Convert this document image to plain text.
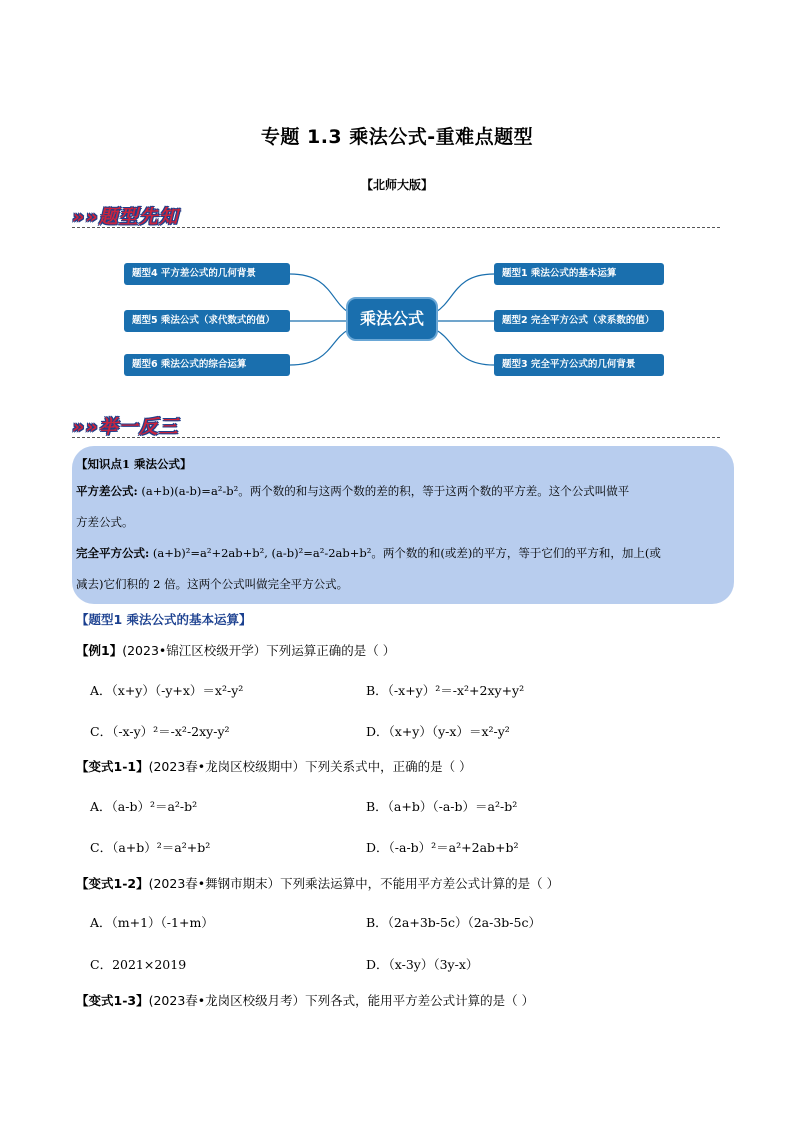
专题 1.3 乘法公式-重难点题型
【北师大版】
»»题型先知
题型4 平方差公式的几何背景
题型5 乘法公式（求代数式的值）
题型6 乘法公式的综合运算
乘法公式
题型1 乘法公式的基本运算
题型2 完全平方公式（求系数的值）
题型3 完全平方公式的几何背景
»»举一反三
【知识点1 乘法公式】
平方差公式: (a+b)(a-b)=a²-b²。两个数的和与这两个数的差的积，等于这两个数的平方差。这个公式叫做平
方差公式。
完全平方公式: (a+b)²=a²+2ab+b², (a-b)²=a²-2ab+b²。两个数的和(或差)的平方，等于它们的平方和，加上(或
减去)它们积的 2 倍。这两个公式叫做完全平方公式。
【题型1 乘法公式的基本运算】
【例1】(2023•锦江区校级开学）下列运算正确的是（ ）
A．（x+y）（-y+x）＝x²-y²	B．（-x+y）²＝-x²+2xy+y²
C．（-x-y）²＝-x²-2xy-y²	D．（x+y）（y-x）＝x²-y²
【变式1-1】(2023春•龙岗区校级期中）下列关系式中，正确的是（ ）
A．（a-b）²＝a²-b²	B．（a+b）（-a-b）＝a²-b²
C．（a+b）²＝a²+b²	D．（-a-b）²＝a²+2ab+b²
【变式1-2】(2023春•舞钢市期末）下列乘法运算中，不能用平方差公式计算的是（ ）
A．（m+1）（-1+m）	B．（2a+3b-5c）（2a-3b-5c）
C．2021×2019	D．（x-3y）（3y-x）
【变式1-3】(2023春•龙岗区校级月考）下列各式，能用平方差公式计算的是（ ）
